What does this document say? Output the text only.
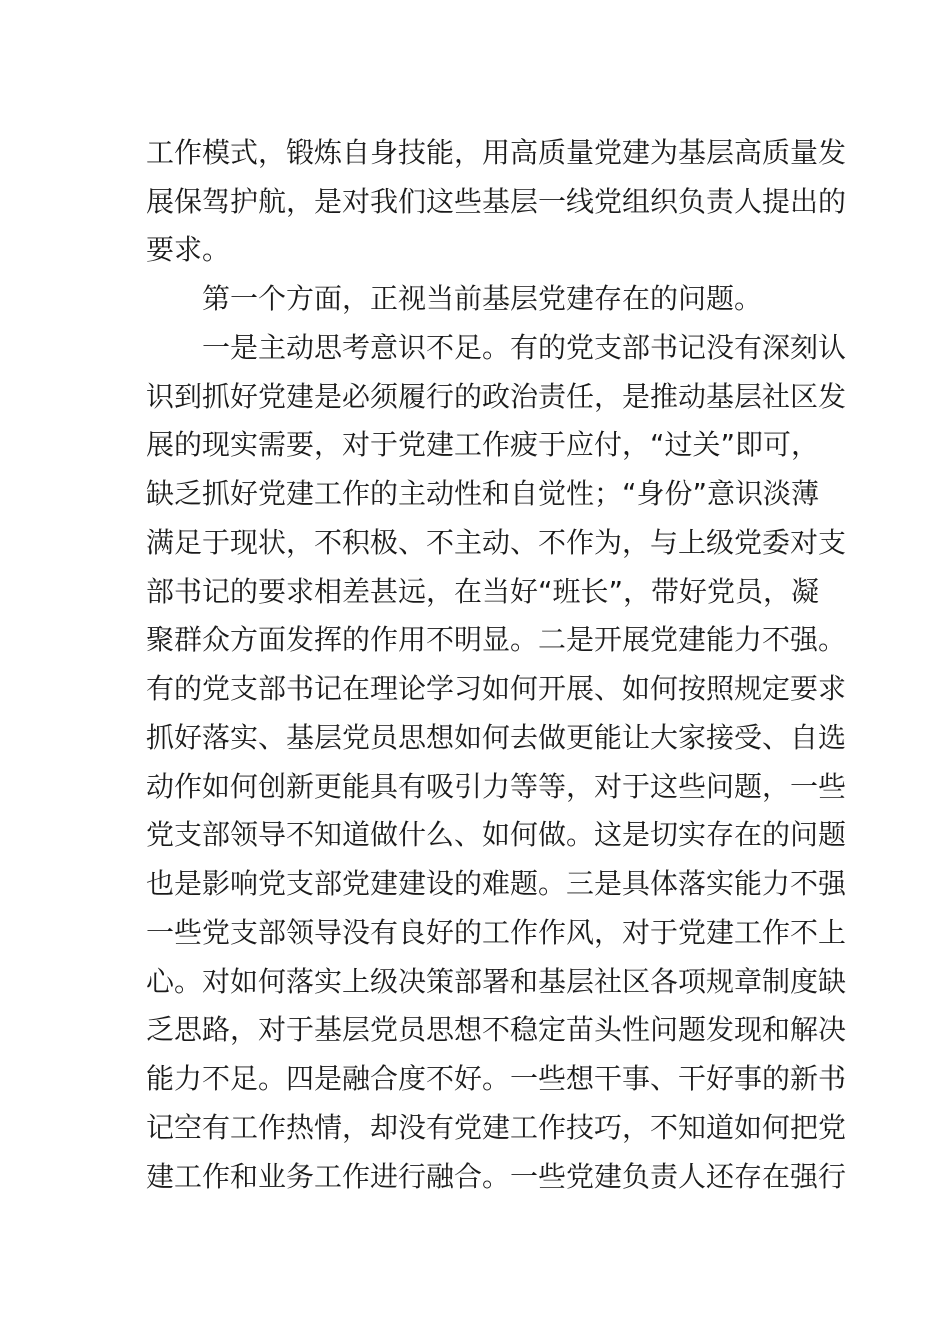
工作模式，锻炼自身技能，用高质量党建为基层高质量发
展保驾护航，是对我们这些基层一线党组织负责人提出的
要求。
第一个方面，正视当前基层党建存在的问题。
一是主动思考意识不足。有的党支部书记没有深刻认
识到抓好党建是必须履行的政治责任，是推动基层社区发
展的现实需要，对于党建工作疲于应付，“过关”即可，
缺乏抓好党建工作的主动性和自觉性；“身份”意识淡薄
满足于现状，不积极、不主动、不作为，与上级党委对支
部书记的要求相差甚远，在当好“班长”，带好党员，凝
聚群众方面发挥的作用不明显。二是开展党建能力不强。
有的党支部书记在理论学习如何开展、如何按照规定要求
抓好落实、基层党员思想如何去做更能让大家接受、自选
动作如何创新更能具有吸引力等等，对于这些问题，一些
党支部领导不知道做什么、如何做。这是切实存在的问题
也是影响党支部党建建设的难题。三是具体落实能力不强
一些党支部领导没有良好的工作作风，对于党建工作不上
心。对如何落实上级决策部署和基层社区各项规章制度缺
乏思路，对于基层党员思想不稳定苗头性问题发现和解决
能力不足。四是融合度不好。一些想干事、干好事的新书
记空有工作热情，却没有党建工作技巧，不知道如何把党
建工作和业务工作进行融合。一些党建负责人还存在强行
